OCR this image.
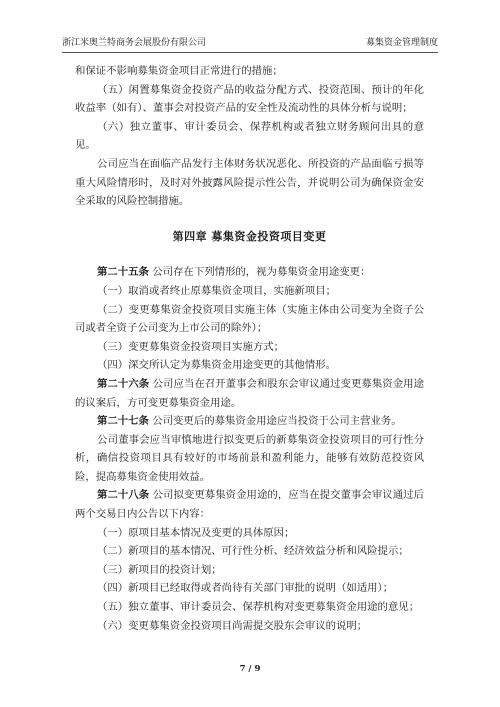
浙江米奥兰特商务会展股份有限公司	募集资金管理制度

和保证不影响募集资金项目正常进行的措施；

（五）闲置募集资金投资产品的收益分配方式、投资范围、预计的年化收益率（如有）、董事会对投资产品的安全性及流动性的具体分析与说明；

（六）独立董事、审计委员会、保荐机构或者独立财务顾问出具的意见。

公司应当在面临产品发行主体财务状况恶化、所投资的产品面临亏损等重大风险情形时，及时对外披露风险提示性公告，并说明公司为确保资金安全采取的风险控制措施。

第四章 募集资金投资项目变更

第二十五条 公司存在下列情形的，视为募集资金用途变更：

（一）取消或者终止原募集资金项目，实施新项目；

（二）变更募集资金投资项目实施主体（实施主体由公司变为全资子公司或者全资子公司变为上市公司的除外）；

（三）变更募集资金投资项目实施方式；

（四）深交所认定为募集资金用途变更的其他情形。

第二十六条 公司应当在召开董事会和股东会审议通过变更募集资金用途的议案后，方可变更募集资金用途。

第二十七条 公司变更后的募集资金用途应当投资于公司主营业务。

公司董事会应当审慎地进行拟变更后的新募集资金投资项目的可行性分析，确信投资项目具有较好的市场前景和盈利能力，能够有效防范投资风险，提高募集资金使用效益。

第二十八条 公司拟变更募集资金用途的，应当在提交董事会审议通过后两个交易日内公告以下内容：

（一）原项目基本情况及变更的具体原因；

（二）新项目的基本情况、可行性分析、经济效益分析和风险提示；

（三）新项目的投资计划；

（四）新项目已经取得或者尚待有关部门审批的说明（如适用）；

（五）独立董事、审计委员会、保荐机构对变更募集资金用途的意见；

（六）变更募集资金投资项目尚需提交股东会审议的说明；

7 / 9
